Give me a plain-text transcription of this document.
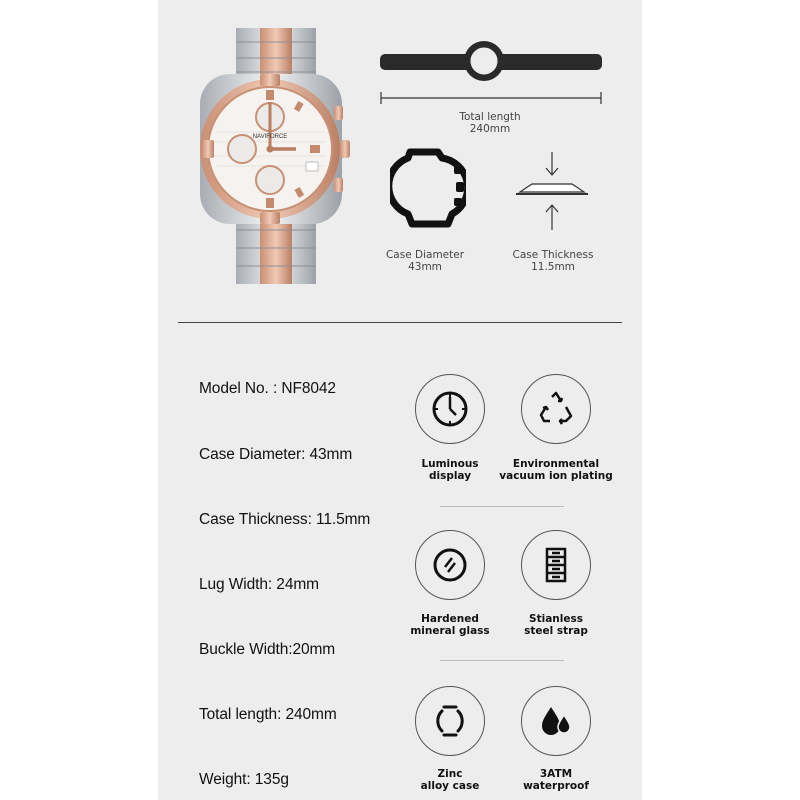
NAVIFORCE
Total length
240mm
Case Diameter
43mm
Case Thickness
11.5mm
Model No. : NF8042
Case Diameter: 43mm
Case Thickness: 11.5mm
Lug Width: 24mm
Buckle Width:20mm
Total length: 240mm
Weight: 135g
Luminous
display
Environmental
vacuum ion plating
Hardened
mineral glass
Stianless
steel strap
Zinc
alloy case
3ATM
waterproof
